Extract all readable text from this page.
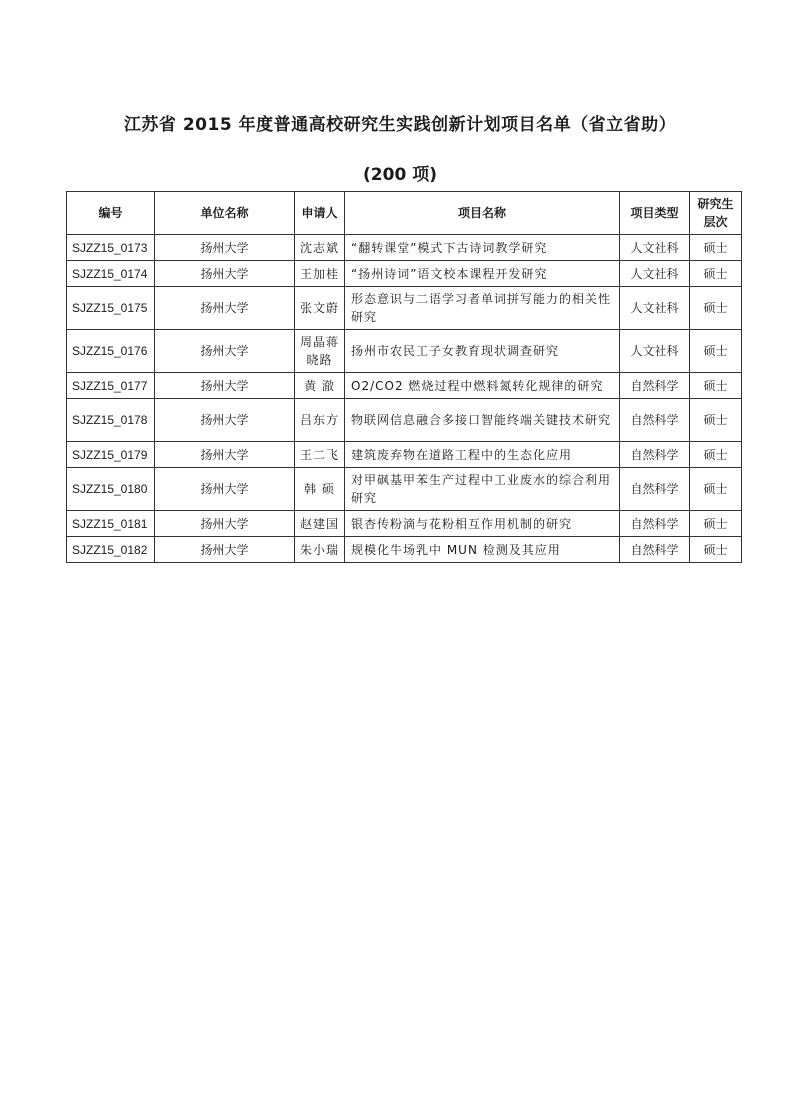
江苏省 2015 年度普通高校研究生实践创新计划项目名单（省立省助）
(200 项)
编号	单位名称	申请人	项目名称	项目类型	研究生层次
SJZZ15_0173	扬州大学	沈志斌	“翻转课堂”模式下古诗词教学研究	人文社科	硕士
SJZZ15_0174	扬州大学	王加桂	“扬州诗词”语文校本课程开发研究	人文社科	硕士
SJZZ15_0175	扬州大学	张文蔚	形态意识与二语学习者单词拼写能力的相关性研究	人文社科	硕士
SJZZ15_0176	扬州大学	周晶蒋晓路	扬州市农民工子女教育现状调查研究	人文社科	硕士
SJZZ15_0177	扬州大学	黄 澈	O2/CO2 燃烧过程中燃料氮转化规律的研究	自然科学	硕士
SJZZ15_0178	扬州大学	吕东方	物联网信息融合多接口智能终端关键技术研究	自然科学	硕士
SJZZ15_0179	扬州大学	王二飞	建筑废弃物在道路工程中的生态化应用	自然科学	硕士
SJZZ15_0180	扬州大学	韩 硕	对甲砜基甲苯生产过程中工业废水的综合利用研究	自然科学	硕士
SJZZ15_0181	扬州大学	赵建国	银杏传粉滴与花粉相互作用机制的研究	自然科学	硕士
SJZZ15_0182	扬州大学	朱小瑞	规模化牛场乳中 MUN 检测及其应用	自然科学	硕士
